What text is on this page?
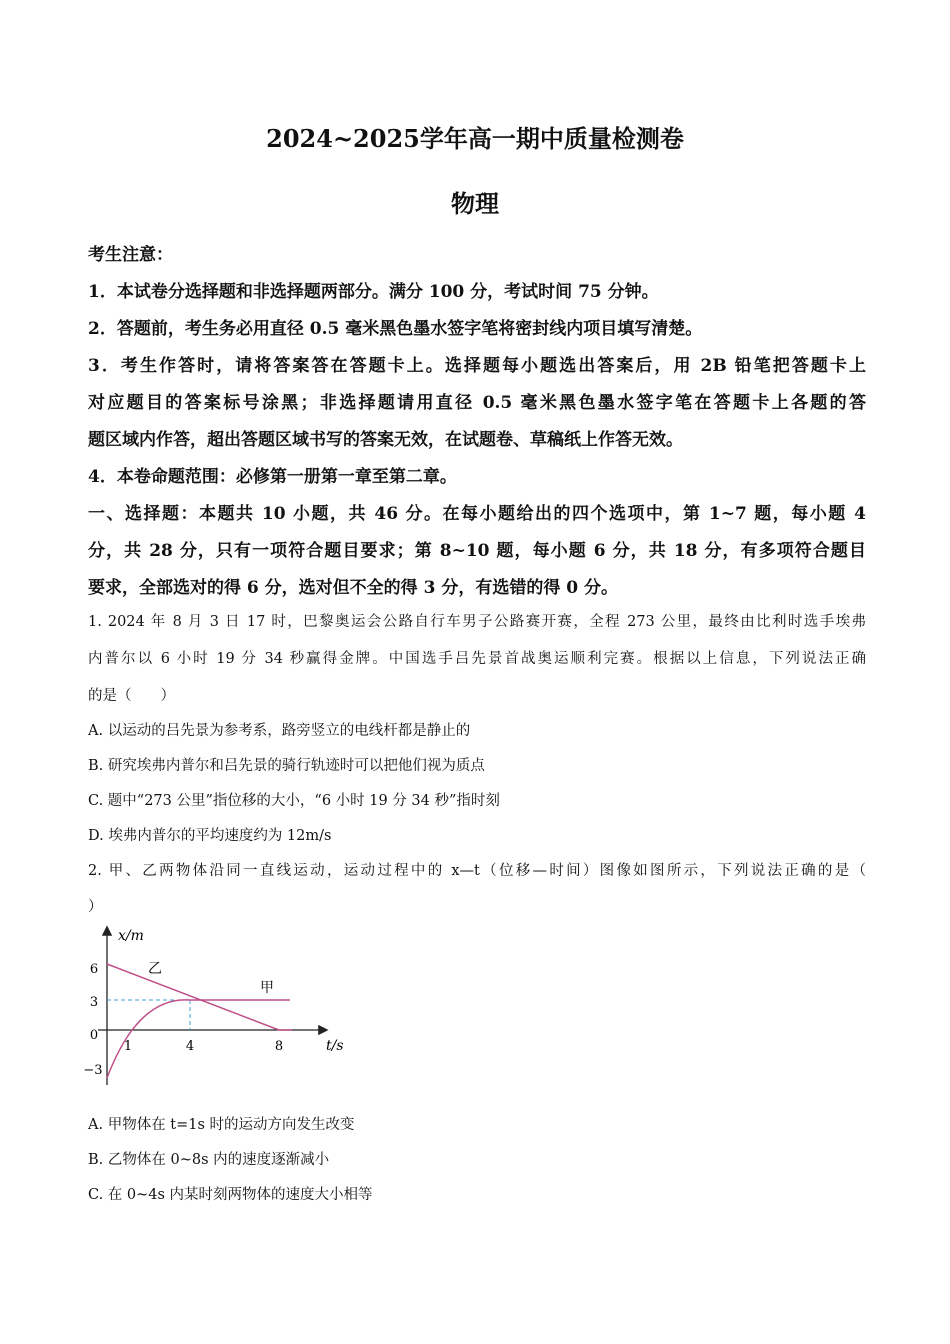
2024~2025学年高一期中质量检测卷
物理
考生注意：
1．本试卷分选择题和非选择题两部分。满分 100 分，考试时间 75 分钟。
2．答题前，考生务必用直径 0.5 毫米黑色墨水签字笔将密封线内项目填写清楚。
3．考生作答时，请将答案答在答题卡上。选择题每小题选出答案后，用 2B 铅笔把答题卡上
对应题目的答案标号涂黑；非选择题请用直径 0.5 毫米黑色墨水签字笔在答题卡上各题的答
题区域内作答，超出答题区域书写的答案无效，在试题卷、草稿纸上作答无效。
4．本卷命题范围：必修第一册第一章至第二章。
一、选择题：本题共 10 小题，共 46 分。在每小题给出的四个选项中，第 1~7 题，每小题 4
分，共 28 分，只有一项符合题目要求；第 8~10 题，每小题 6 分，共 18 分，有多项符合题目
要求，全部选对的得 6 分，选对但不全的得 3 分，有选错的得 0 分。
1. 2024 年 8 月 3 日 17 时，巴黎奥运会公路自行车男子公路赛开赛，全程 273 公里，最终由比利时选手埃弗
内普尔以 6 小时 19 分 34 秒赢得金牌。中国选手吕先景首战奥运顺利完赛。根据以上信息，下列说法正确
的是（　　）
A. 以运动的吕先景为参考系，路旁竖立的电线杆都是静止的
B. 研究埃弗内普尔和吕先景的骑行轨迹时可以把他们视为质点
C. 题中“273 公里”指位移的大小，“6 小时 19 分 34 秒”指时刻
D. 埃弗内普尔的平均速度约为 12m/s
2. 甲、乙两物体沿同一直线运动，运动过程中的 x—t（位移—时间）图像如图所示，下列说法正确的是（
）
x/m
t/s
6
3
0
−3
1	4	8
乙
甲
A. 甲物体在 t=1s 时的运动方向发生改变
B. 乙物体在 0~8s 内的速度逐渐减小
C. 在 0~4s 内某时刻两物体的速度大小相等
